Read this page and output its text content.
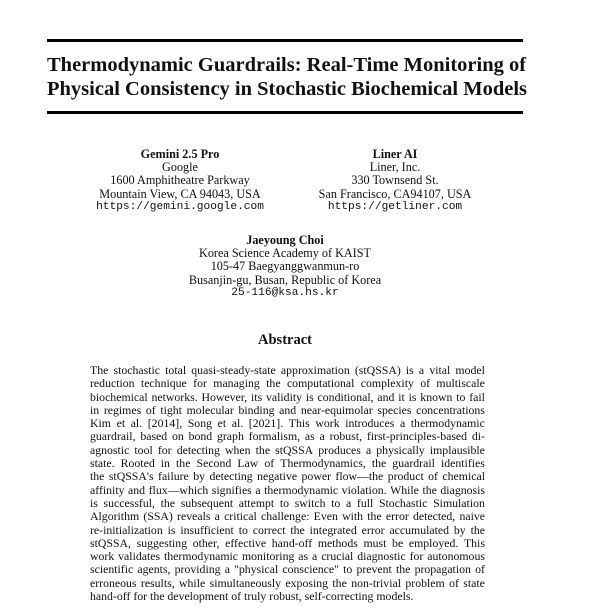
Thermodynamic Guardrails: Real-Time Monitoring of
Physical Consistency in Stochastic Biochemical Models
Gemini 2.5 Pro
Google
1600 Amphitheatre Parkway
Mountain View, CA 94043, USA
https://gemini.google.com
Liner AI
Liner, Inc.
330 Townsend St.
San Francisco, CA94107, USA
https://getliner.com
Jaeyoung Choi
Korea Science Academy of KAIST
105-47 Baegyanggwanmun-ro
Busanjin-gu, Busan, Republic of Korea
25-116@ksa.hs.kr
Abstract
The stochastic total quasi-steady-state approximation (stQSSA) is a vital model
reduction technique for managing the computational complexity of multiscale
biochemical networks. However, its validity is conditional, and it is known to fail
in regimes of tight molecular binding and near-equimolar species concentrations
Kim et al. [2014], Song et al. [2021]. This work introduces a thermodynamic
guardrail, based on bond graph formalism, as a robust, first-principles-based di-
agnostic tool for detecting when the stQSSA produces a physically implausible
state. Rooted in the Second Law of Thermodynamics, the guardrail identifies
the stQSSA's failure by detecting negative power flow—the product of chemical
affinity and flux—which signifies a thermodynamic violation. While the diagnosis
is successful, the subsequent attempt to switch to a full Stochastic Simulation
Algorithm (SSA) reveals a critical challenge: Even with the error detected, naive
re-initialization is insufficient to correct the integrated error accumulated by the
stQSSA, suggesting other, effective hand-off methods must be employed. This
work validates thermodynamic monitoring as a crucial diagnostic for autonomous
scientific agents, providing a "physical conscience" to prevent the propagation of
erroneous results, while simultaneously exposing the non-trivial problem of state
hand-off for the development of truly robust, self-correcting models.
